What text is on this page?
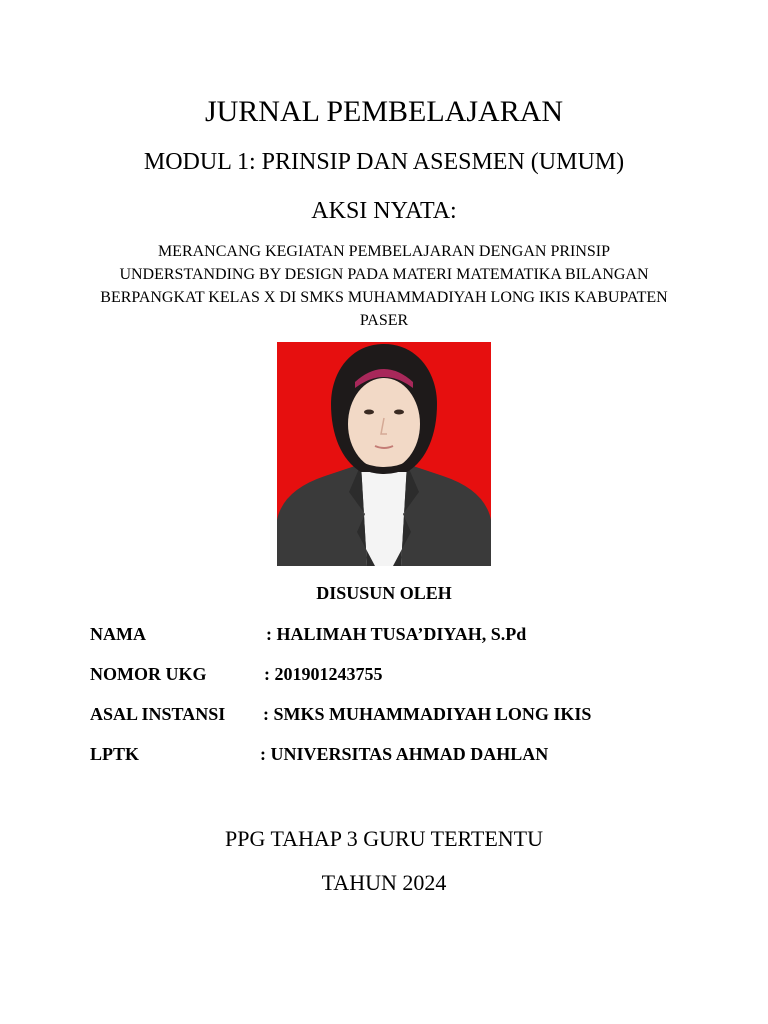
JURNAL PEMBELAJARAN
MODUL 1: PRINSIP DAN ASESMEN (UMUM)
AKSI NYATA:
MERANCANG KEGIATAN PEMBELAJARAN DENGAN PRINSIP UNDERSTANDING BY DESIGN PADA MATERI MATEMATIKA BILANGAN BERPANGKAT KELAS X DI SMKS MUHAMMADIYAH LONG IKIS KABUPATEN PASER
DISUSUN OLEH
NAMA	: HALIMAH TUSA’DIYAH, S.Pd
NOMOR UKG	: 201901243755
ASAL INSTANSI : SMKS MUHAMMADIYAH LONG IKIS
LPTK	: UNIVERSITAS AHMAD DAHLAN
PPG TAHAP 3 GURU TERTENTU
TAHUN 2024
